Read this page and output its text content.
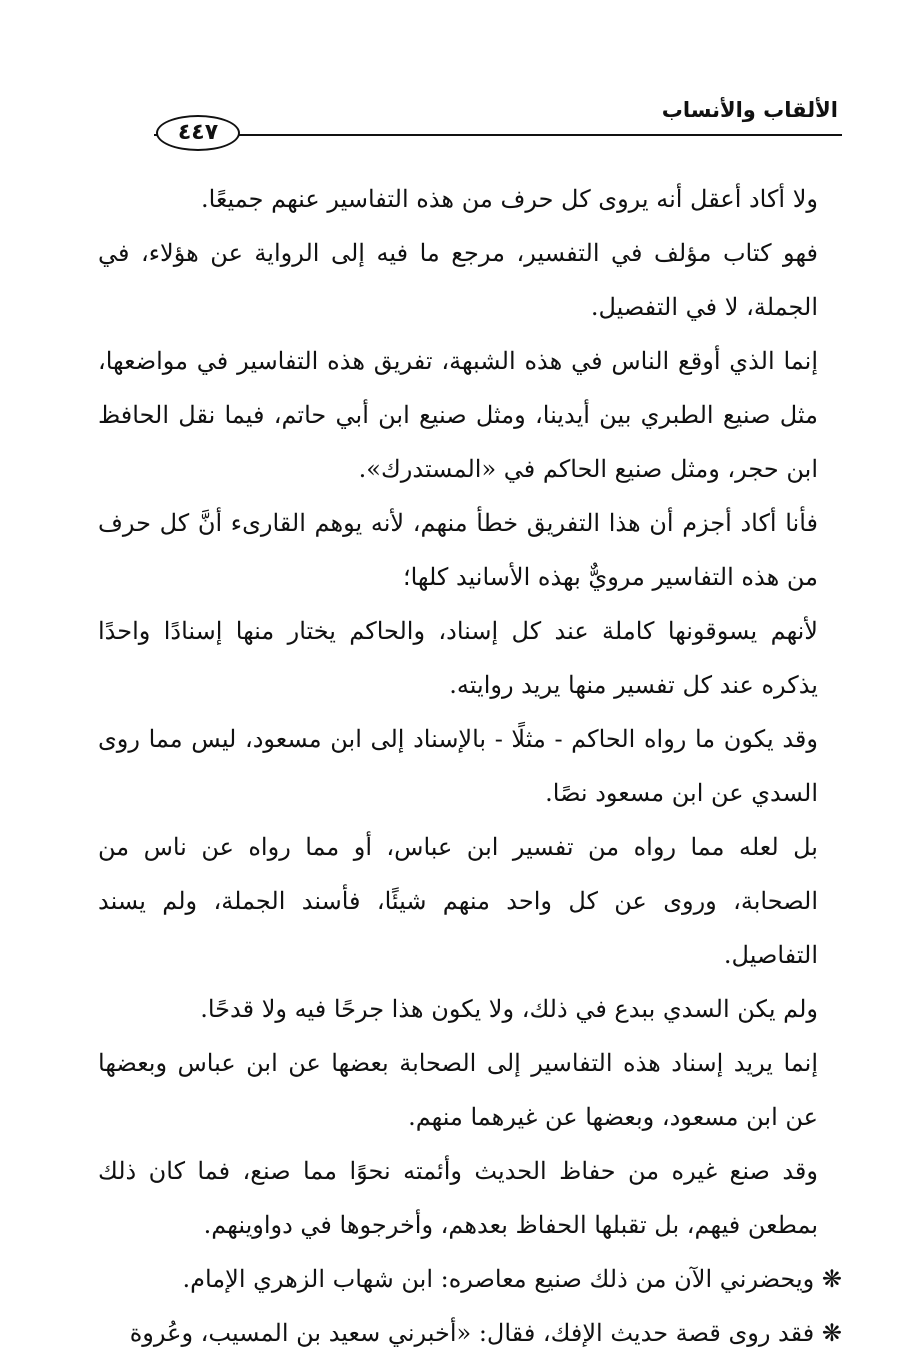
الألقاب والأنساب
٤٤٧

ولا أكاد أعقل أنه يروى كل حرف من هذه التفاسير عنهم جميعًا.

فهو كتاب مؤلف في التفسير، مرجع ما فيه إلى الرواية عن هؤلاء، في الجملة، لا في التفصيل.

إنما الذي أوقع الناس في هذه الشبهة، تفريق هذه التفاسير في مواضعها، مثل صنيع الطبري بين أيدينا، ومثل صنيع ابن أبي حاتم، فيما نقل الحافظ ابن حجر، ومثل صنيع الحاكم في «المستدرك».

فأنا أكاد أجزم أن هذا التفريق خطأ منهم، لأنه يوهم القارىء أنَّ كل حرف من هذه التفاسير مرويٌّ بهذه الأسانيد كلها؛

لأنهم يسوقونها كاملة عند كل إسناد، والحاكم يختار منها إسنادًا واحدًا يذكره عند كل تفسير منها يريد روايته.

وقد يكون ما رواه الحاكم - مثلًا - بالإسناد إلى ابن مسعود، ليس مما روى السدي عن ابن مسعود نصًا.

بل لعله مما رواه من تفسير ابن عباس، أو مما رواه عن ناس من الصحابة، وروى عن كل واحد منهم شيئًا، فأسند الجملة، ولم يسند التفاصيل.

ولم يكن السدي ببدع في ذلك، ولا يكون هذا جرحًا فيه ولا قدحًا.

إنما يريد إسناد هذه التفاسير إلى الصحابة بعضها عن ابن عباس وبعضها عن ابن مسعود، وبعضها عن غيرهما منهم.

وقد صنع غيره من حفاظ الحديث وأئمته نحوًا مما صنع، فما كان ذلك بمطعن فيهم، بل تقبلها الحفاظ بعدهم، وأخرجوها في دواوينهم.

❋ ويحضرني الآن من ذلك صنيع معاصره: ابن شهاب الزهري الإمام.

❋ فقد روى قصة حديث الإفك، فقال: «أخبرني سعيد بن المسيب، وعُروة
